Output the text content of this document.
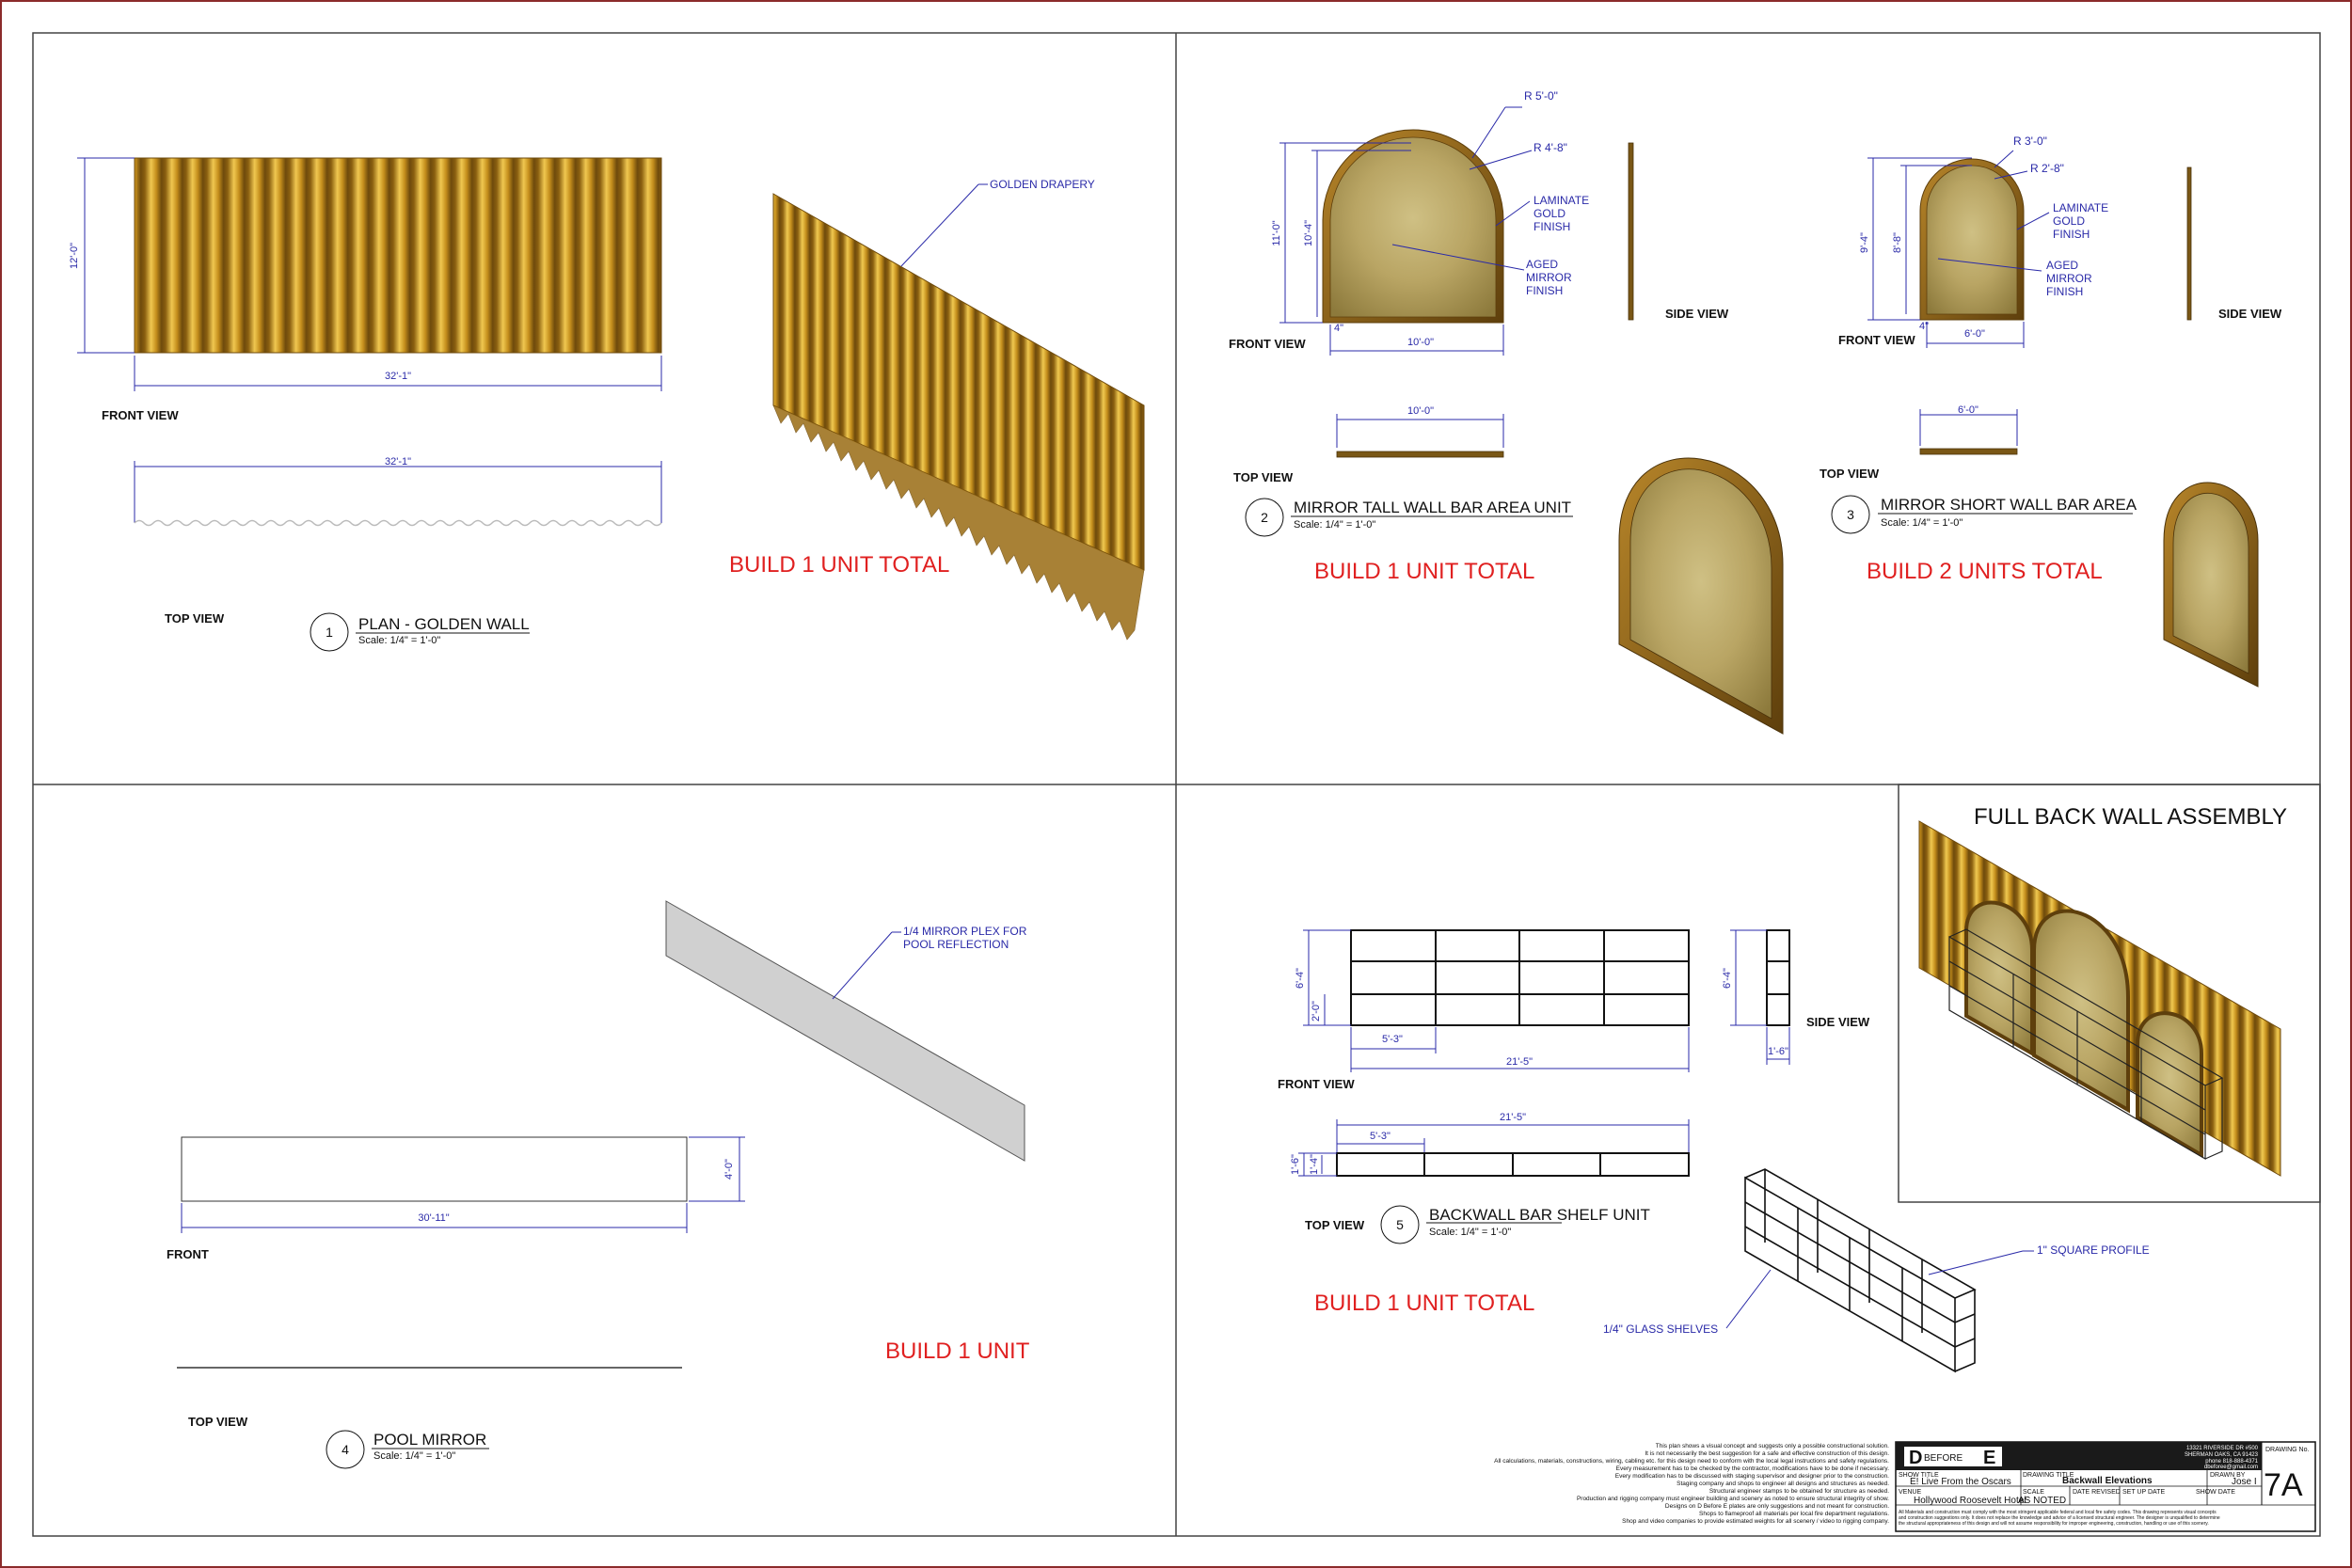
12'-0"
32'-1"
FRONT VIEW
32'-1"
TOP VIEW
GOLDEN DRAPERY
BUILD 1 UNIT TOTAL
1 PLAN - GOLDEN WALL
Scale: 1/4" = 1'-0"
11'-0" 10'-4"
4"
10'-0"
R 5'-0"
R 4'-8"
LAMINATE
GOLD
FINISH
AGED
MIRROR
FINISH
SIDE VIEW
FRONT VIEW
10'-0"
TOP VIEW
2
MIRROR TALL WALL BAR AREA UNIT
Scale: 1/4" = 1'-0"
BUILD 1 UNIT TOTAL
9'-4" 8'-8"
4"
6'-0"
R 3'-0"
R 2'-8"
LAMINATE
GOLD
FINISH
AGED
MIRROR
FINISH
SIDE VIEW
FRONT VIEW
6'-0"
TOP VIEW
3
MIRROR SHORT WALL BAR AREA
Scale: 1/4" = 1'-0"
BUILD 2 UNITS TOTAL
1/4 MIRROR PLEX FOR
POOL REFLECTION
4'-0"
30'-11"
FRONT
TOP VIEW
BUILD 1 UNIT
4
POOL MIRROR
Scale: 1/4" = 1'-0"
6'-4"
2'-0"
5'-3"
21'-5"
FRONT VIEW
6'-4"
1'-6"
SIDE VIEW
21'-5"
5'-3"
1'-6" 1'-4"
TOP VIEW 5
BACKWALL BAR SHELF UNIT
Scale: 1/4" = 1'-0"
BUILD 1 UNIT TOTAL
1" SQUARE PROFILE
1/4" GLASS SHELVES
FULL BACK WALL ASSEMBLY
This plan shows a visual concept and suggests only a possible constructional solution.
It is not necessarily the best suggestion for a safe and effective construction of this design.
All calculations, materials, constructions, wiring, cabling etc. for this design need to conform with the local legal instructions and safety regulations.
Every measurement has to be checked by the contractor, modifications have to be done if necessary.
Every modification has to be discussed with staging supervisor and designer prior to the construction.
Staging company and shops to engineer all designs and structures as needed.
Structural engineer stamps to be obtained for structure as needed.
Production and rigging company must engineer building and scenery as noted to ensure structural integrity of show.
Designs on D Before E plates are only suggestions and not meant for construction.
Shops to flameproof all materials per local fire department regulations.
Shop and video companies to provide estimated weights for all scenery / video to rigging company.
D BEFORE E	13321 RIVERSIDE DR #500
SHERMAN OAKS, CA 91423
phone 818-888-4371
dbeforee@gmail.com
DRAWING No.
7A
SHOW TITLE
E! Live From the Oscars
DRAWING TITLE
Backwall Elevations
DRAWN BY
Jose I
VENUE
Hollywood Roosevelt Hotel
SCALE
AS NOTED
DATE REVISED SET UP DATE	SHOW DATE
All Materials and construction must comply with the most stringent applicable federal and local fire safety codes. This drawing represents visual concepts
and construction suggestions only. It does not replace the knowledge and advice of a licensed structural engineer. The designer is unqualified to determine
the structural appropriateness of this design and will not assume responsibility for improper engineering, construction, handling or use of this scenery.
